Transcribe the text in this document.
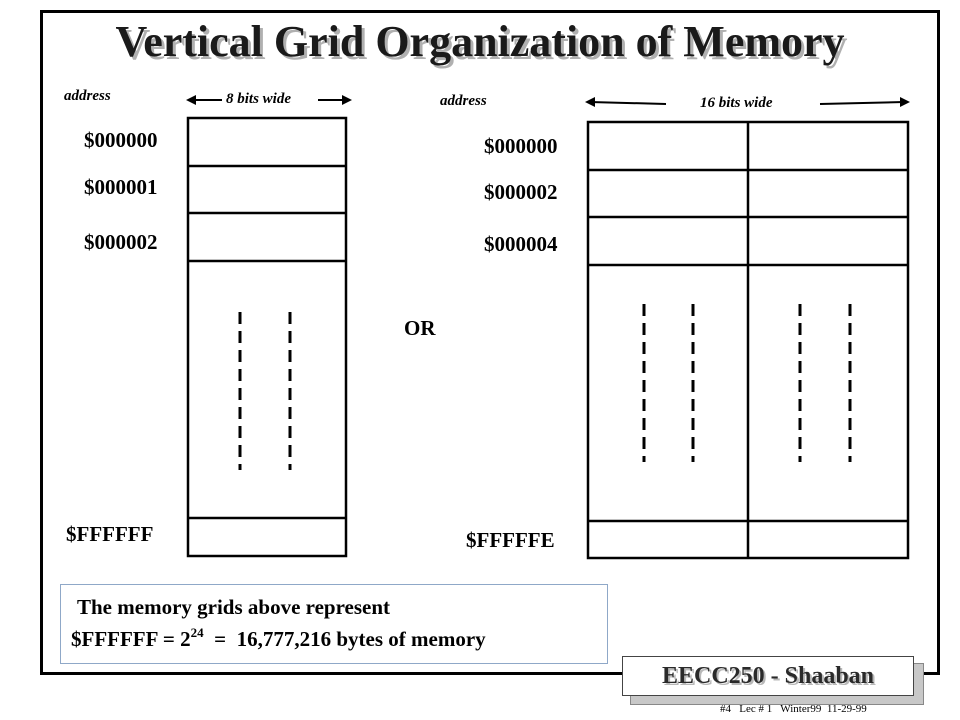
Vertical Grid Organization of Memory
address	8 bits wide
$000000
$000001
$000002
$FFFFFF
OR
address	16 bits wide
$000000
$000002
$000004
$FFFFFE
The memory grids above represent
$FFFFFF = $2^{24} = 16,777,216$ bytes of memory
EECC250 - Shaaban
#4   Lec # 1   Winter99  11-29-99
